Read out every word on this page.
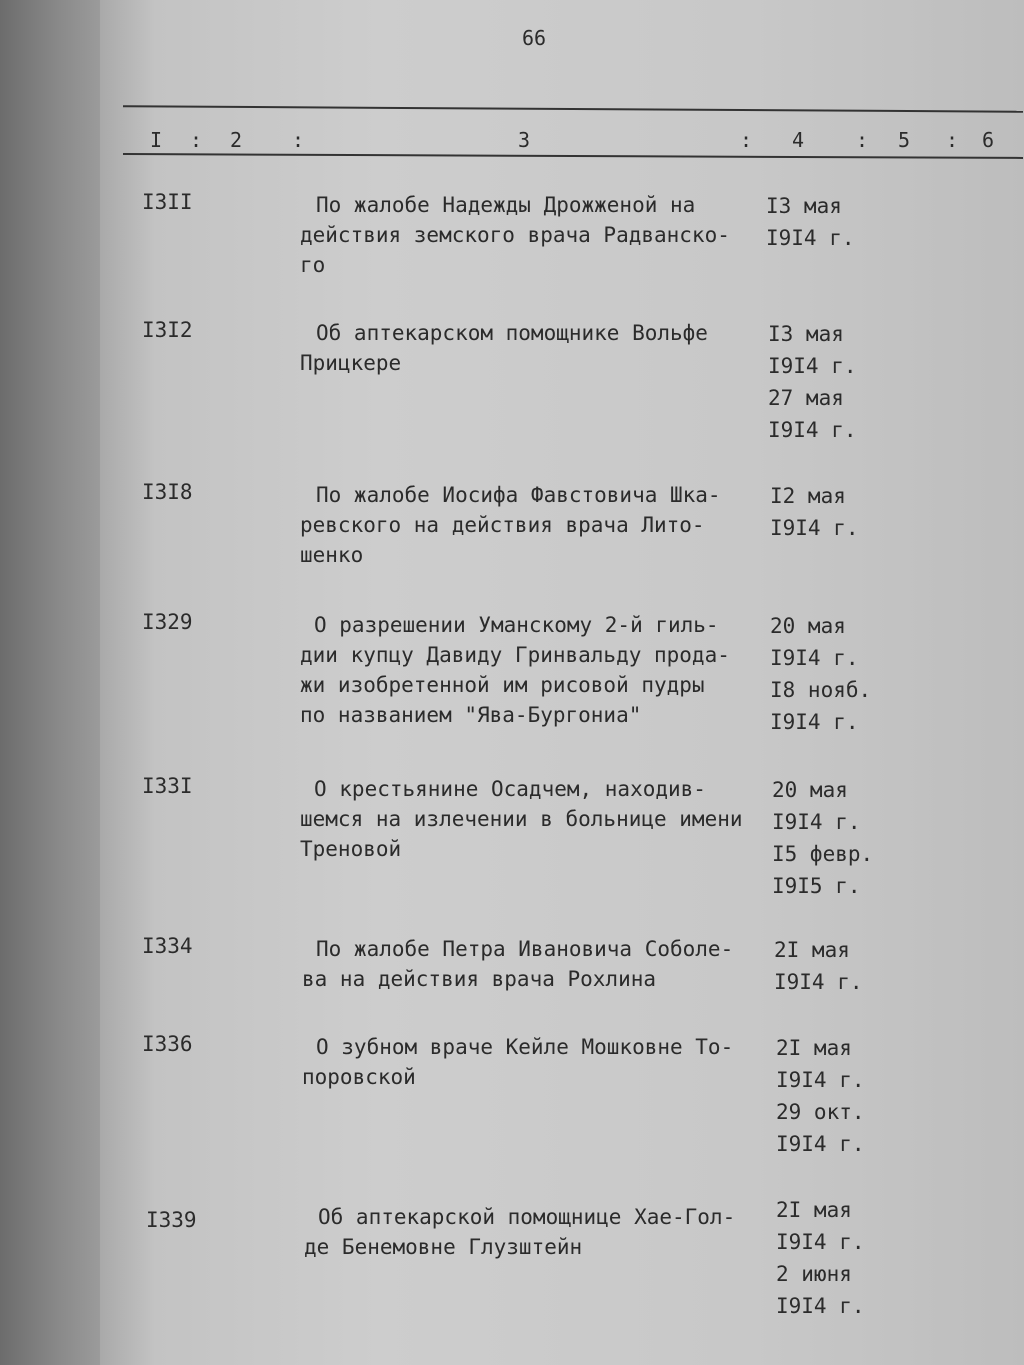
66
I : 2 :	3	: 4	: 5 : 6
I3II	По жалобе Надежды Дрожженой на
действия земского врача Радванско-
го
I3 мая
I9I4 г.
I3I2	Об аптекарском помощнике Вольфе
Прицкере
I3 мая
I9I4 г.
27 мая
I9I4 г.
I3I8	По жалобе Иосифа Фавстовича Шка-
ревского на действия врача Лито-
шенко
I2 мая
I9I4 г.
I329	О разрешении Уманскому 2-й гиль-
дии купцу Давиду Гринвальду прода-
жи изобретенной им рисовой пудры
по названием "Ява-Бургониа"
20 мая
I9I4 г.
I8 нояб.
I9I4 г.
I33I	О крестьянине Осадчем, находив-
шемся на излечении в больнице имени
Треновой
20 мая
I9I4 г.
I5 февр.
I9I5 г.
I334	По жалобе Петра Ивановича Соболе-
ва на действия врача Рохлина
2I мая
I9I4 г.
I336	О зубном враче Кейле Мошковне То-
поровской
2I мая
I9I4 г.
29 окт.
I9I4 г.
I339	Об аптекарской помощнице Хае-Гол-
де Бенемовне Глузштейн
2I мая
I9I4 г.
2 июня
I9I4 г.
